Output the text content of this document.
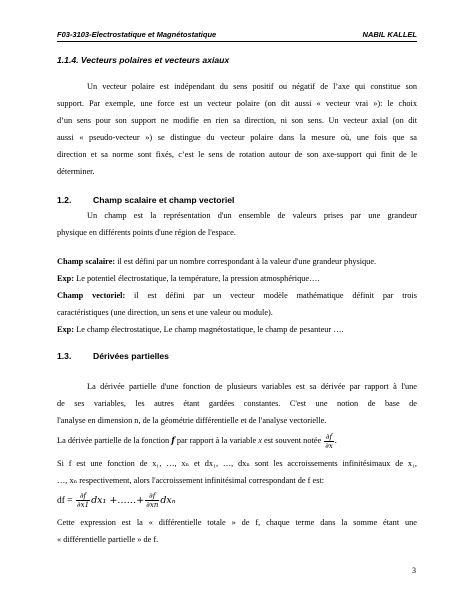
F03-3103-Electrostatique et Magnétostatique	NABIL KALLEL
1.1.4. Vecteurs polaires et vecteurs axiaux
Un vecteur polaire est indépendant du sens positif ou négatif de l’axe qui constitue son
support. Par exemple, une force est un vecteur polaire (on dit aussi « vecteur vrai »): le choix
d’un sens pour son support ne modifie en rien sa direction, ni son sens. Un vecteur axial (on dit
aussi « pseudo-vecteur ») se distingue du vecteur polaire dans la mesure où, une fois que sa
direction et sa norme sont fixés, c’est le sens de rotation autour de son axe-support qui finit de le
déterminer.
1.2.	Champ scalaire et champ vectoriel
Un champ est la représentation d'un ensemble de valeurs prises par une grandeur
physique en différents points d'une région de l'espace.
Champ scalaire: il est défini par un nombre correspondant à la valeur d'une grandeur physique.
Exp: Le potentiel électrostatique, la température, la pression atmosphérique….
Champ vectoriel: il est défini par un vecteur modèle mathématique définit par trois
caractéristiques (une direction, un sens et une valeur ou module).
Exp: Le champ électrostatique, Le champ magnétostatique, le champ de pesanteur ….
1.3.	Dérivées partielles
La dérivée partielle d'une fonction de plusieurs variables est sa dérivée par rapport à l'une
de ses variables, les autres étant gardées constantes. C'est une notion de base de
l'analyse en dimension n, de la géométrie différentielle et de l'analyse vectorielle.
La dérivée partielle de la fonction f par rapport à la variable x est souvent notée $\frac{\partial f}{\partial x}$ .
Si f est une fonction de x₁, …, xₙ et dx₁, …, dxₙ sont les accroissements infinitésimaux de x₁,
…, xₙ respectivement, alors l'accroissement infinitésimal correspondant de f est:
df = $\frac{\partial f}{\partial x1} dx_1$ +……+ $\frac{\partial f}{\partial xn}$ dxₙ
Cette expression est la « différentielle totale » de f, chaque terme dans la somme étant une
« différentielle partielle » de f.
3
